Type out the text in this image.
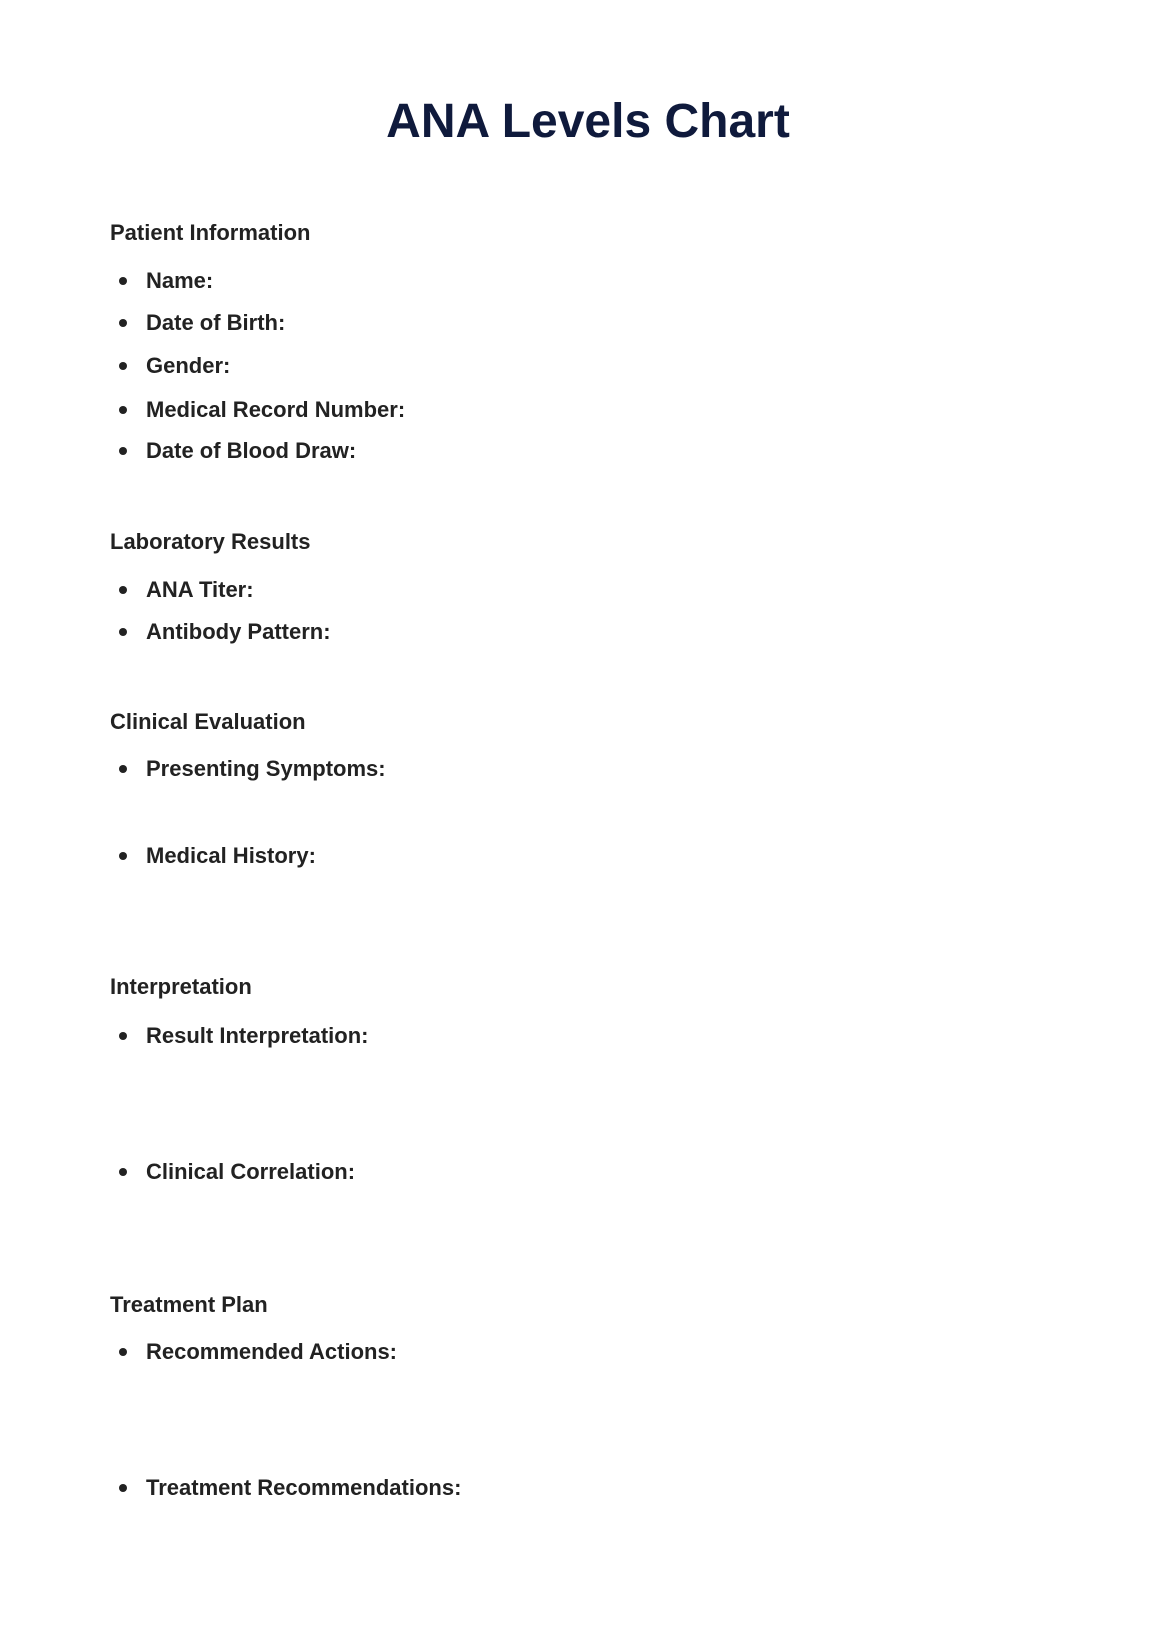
ANA Levels Chart
Patient Information
Name:
Date of Birth:
Gender:
Medical Record Number:
Date of Blood Draw:
Laboratory Results
ANA Titer:
Antibody Pattern:
Clinical Evaluation
Presenting Symptoms:
Medical History:
Interpretation
Result Interpretation:
Clinical Correlation:
Treatment Plan
Recommended Actions:
Treatment Recommendations:
